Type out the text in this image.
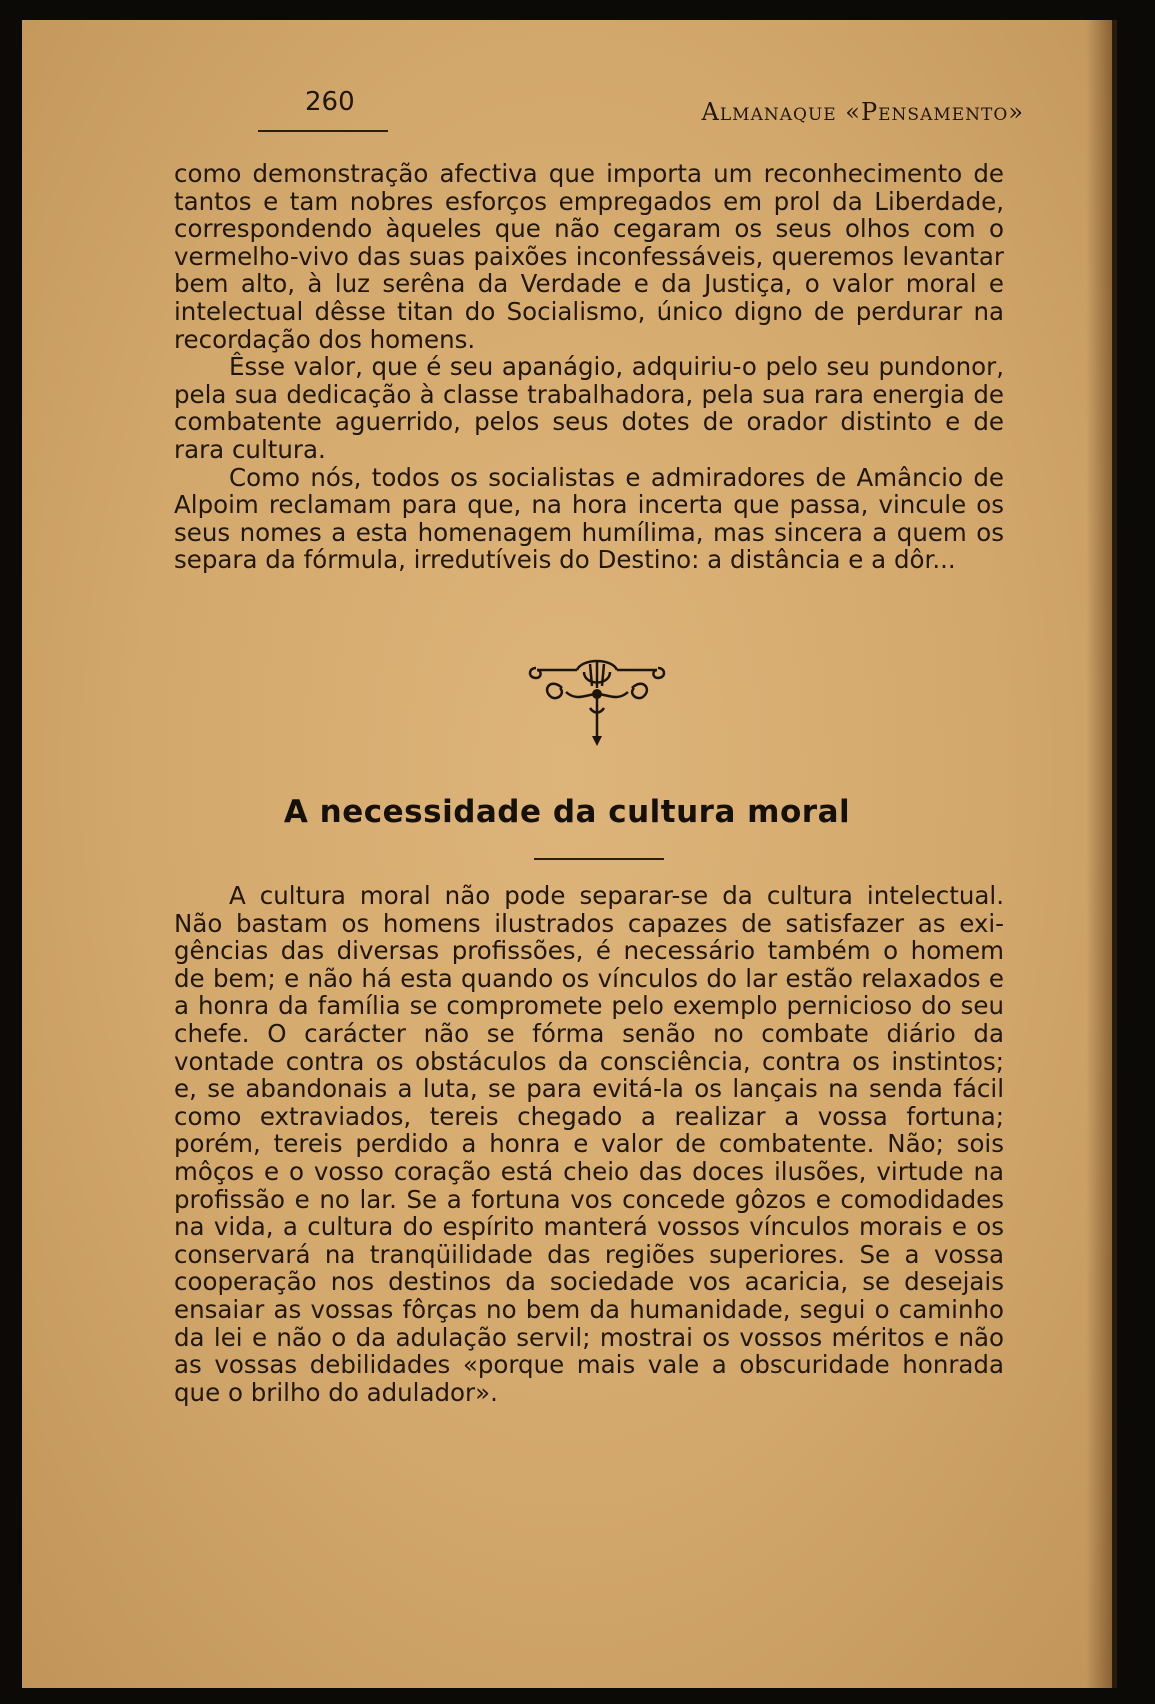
260	Almanaque «Pensamento»

como demonstração afectiva que importa um reconhecimento de tantos e tam nobres esforços empregados em prol da Liberdade, correspondendo àqueles que não cegaram os seus olhos com o vermelho-vivo das suas paixões inconfessáveis, queremos levantar bem alto, à luz serêna da Verdade e da Justiça, o valor moral e intelectual dêsse titan do Socialismo, único digno de perdurar na recordação dos homens.

Êsse valor, que é seu apanágio, adquiriu-o pelo seu pundonor, pela sua dedicação à classe trabalhadora, pela sua rara energia de combatente aguerrido, pelos seus dotes de orador distinto e de rara cultura.

Como nós, todos os socialistas e admiradores de Amâncio de Alpoim reclamam para que, na hora incerta que passa, vincule os seus nomes a esta homenagem humílima, mas sincera a quem os separa da fórmula, irredutíveis do Destino: a distância e a dôr...

A necessidade da cultura moral

A cultura moral não pode separar-se da cultura intelectual. Não bastam os homens ilustrados capazes de satisfazer as exigências das diversas profissões, é necessário também o homem de bem; e não há esta quando os vínculos do lar estão relaxados e a honra da família se compromete pelo exemplo pernicioso do seu chefe. O carácter não se fórma senão no combate diário da vontade contra os obstáculos da consciência, contra os instintos; e, se abandonais a luta, se para evitá-la os lançais na senda fácil como extraviados, tereis chegado a realizar a vossa fortuna; porém, tereis perdido a honra e valor de combatente. Não; sois môços e o vosso coração está cheio das doces ilusões, virtude na profissão e no lar. Se a fortuna vos concede gôzos e comodidades na vida, a cultura do espírito manterá vossos vínculos morais e os conservará na tranqüilidade das regiões superiores. Se a vossa cooperação nos destinos da sociedade vos acaricia, se desejais ensaiar as vossas fôrças no bem da humanidade, segui o caminho da lei e não o da adulação servil; mostrai os vossos méritos e não as vossas debilidades «porque mais vale a obscuridade honrada que o brilho do adulador».
